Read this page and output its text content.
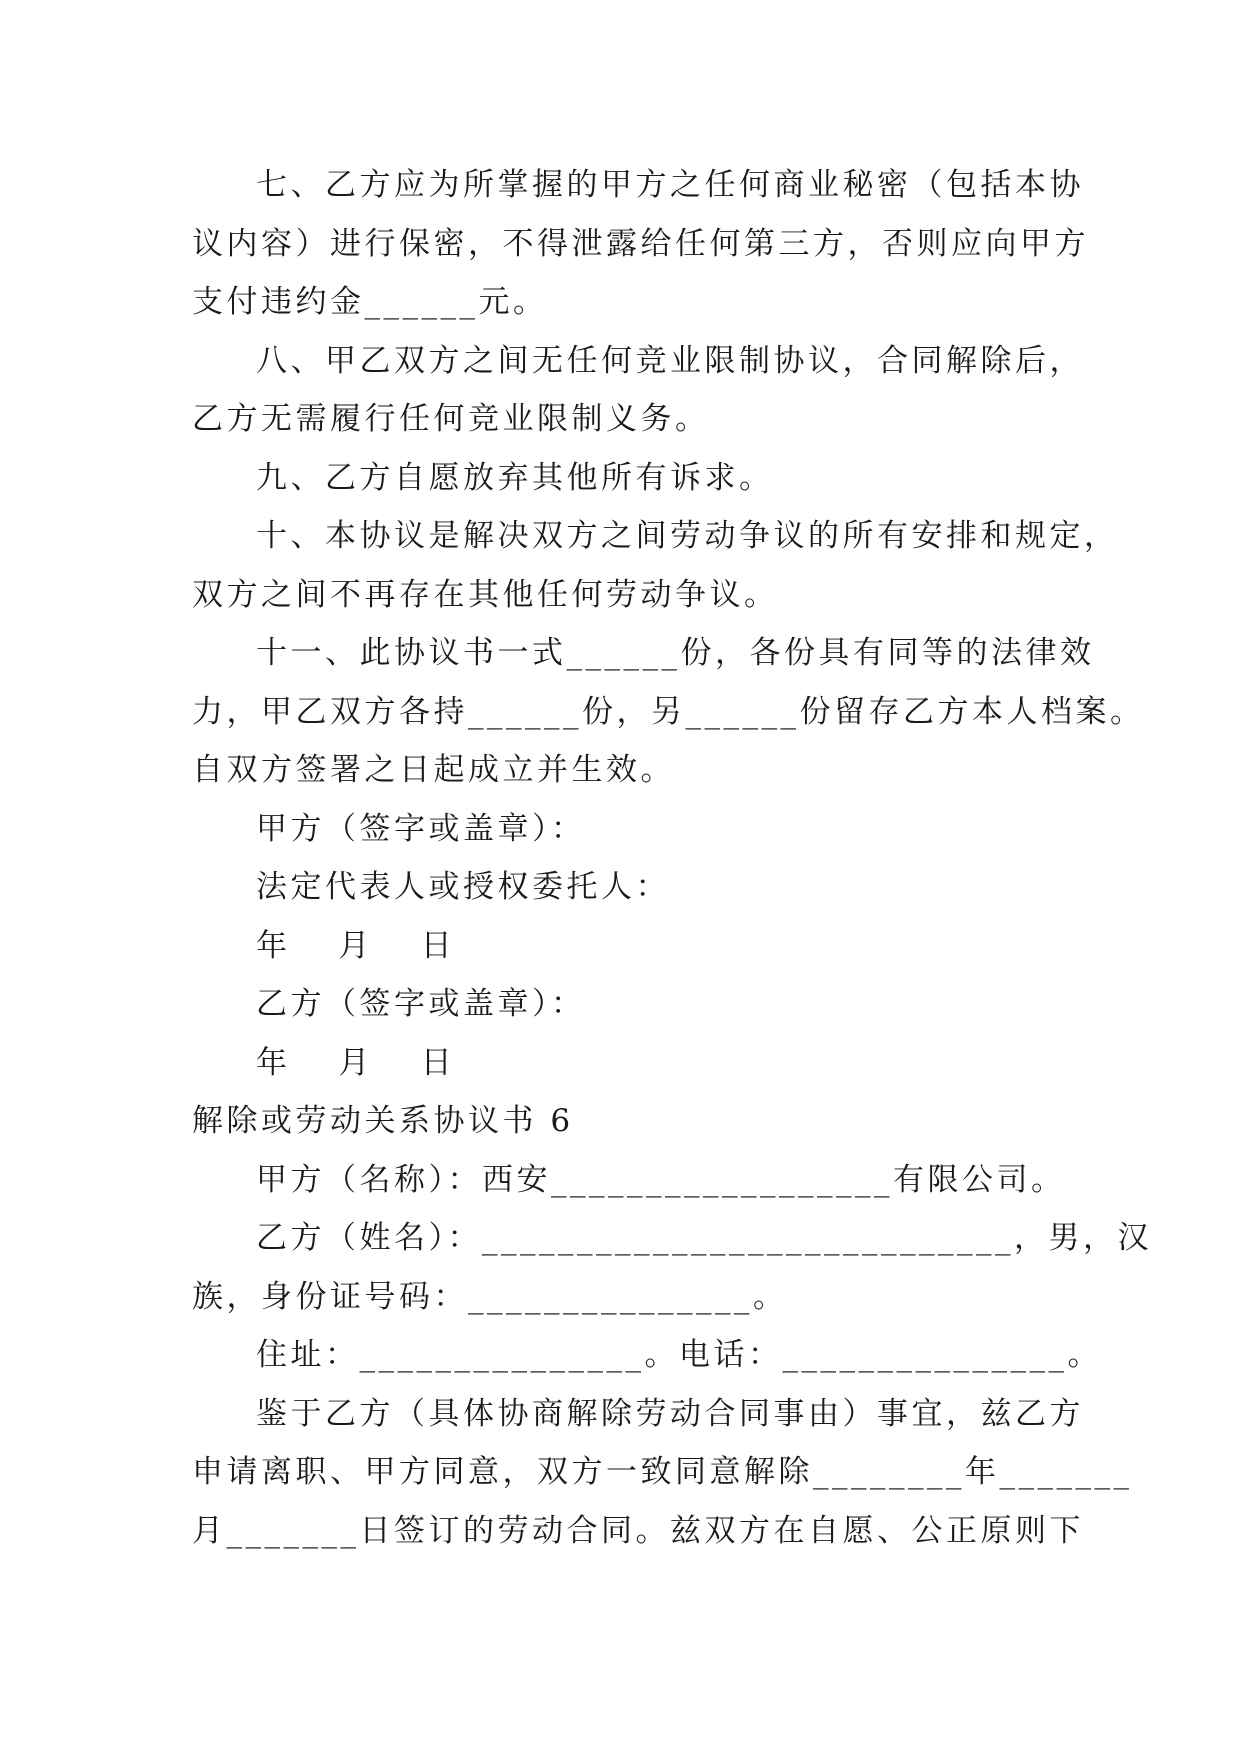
七、乙方应为所掌握的甲方之任何商业秘密（包括本协
议内容）进行保密，不得泄露给任何第三方，否则应向甲方
支付违约金______元。
八、甲乙双方之间无任何竞业限制协议，合同解除后，
乙方无需履行任何竞业限制义务。
九、乙方自愿放弃其他所有诉求。
十、本协议是解决双方之间劳动争议的所有安排和规定，
双方之间不再存在其他任何劳动争议。
十一、此协议书一式______份，各份具有同等的法律效
力，甲乙双方各持______份，另______份留存乙方本人档案。
自双方签署之日起成立并生效。
甲方（签字或盖章）：
法定代表人或授权委托人：
年　 月　 日
乙方（签字或盖章）：
年　 月　 日
解除或劳动关系协议书 6
甲方（名称）：西安__________________有限公司。
乙方（姓名）：____________________________，男，汉
族，身份证号码：_______________。
住址：_______________。电话：_______________。
鉴于乙方（具体协商解除劳动合同事由）事宜，兹乙方
申请离职、甲方同意，双方一致同意解除________年_______
月_______日签订的劳动合同。兹双方在自愿、公正原则下
